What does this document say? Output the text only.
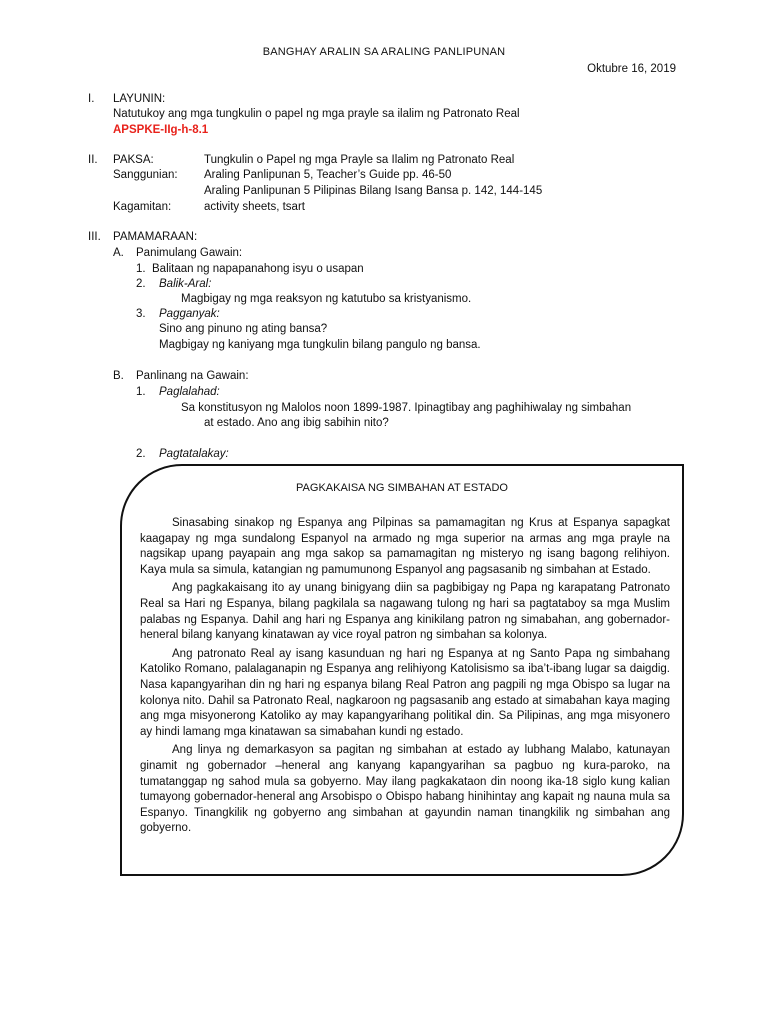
BANGHAY ARALIN SA ARALING PANLIPUNAN
Oktubre 16, 2019
I. LAYUNIN:
Natutukoy ang mga tungkulin o papel ng mga prayle sa ilalim ng Patronato Real
APSPKE-IIg-h-8.1
II. PAKSA:	Tungkulin o Papel ng mga Prayle sa Ilalim ng Patronato Real
Sanggunian: Araling Panlipunan 5, Teacher’s Guide pp. 46-50
Araling Panlipunan 5 Pilipinas Bilang Isang Bansa p. 142, 144-145
Kagamitan:	activity sheets, tsart
III. PAMAMARAAN:
A. Panimulang Gawain:
1. Balitaan ng napapanahong isyu o usapan
2. Balik-Aral:
Magbigay ng mga reaksyon ng katutubo sa kristyanismo.
3. Pagganyak:
Sino ang pinuno ng ating bansa?
Magbigay ng kaniyang mga tungkulin bilang pangulo ng bansa.
B. Panlinang na Gawain:
1. Paglalahad:
Sa konstitusyon ng Malolos noon 1899-1987. Ipinagtibay ang paghihiwalay ng simbahan
at estado. Ano ang ibig sabihin nito?
2. Pagtatalakay:
PAGKAKAISA NG SIMBAHAN AT ESTADO

Sinasabing sinakop ng Espanya ang Pilpinas sa pamamagitan ng Krus at Espanya sapagkat kaagapay ng mga sundalong Espanyol na armado ng mga superior na armas ang mga prayle na nagsikap upang payapain ang mga sakop sa pamamagitan ng misteryo ng isang bagong relihiyon. Kaya mula sa simula, katangian ng pamumunong Espanyol ang pagsasanib ng simbahan at Estado.

Ang pagkakaisang ito ay unang binigyang diin sa pagbibigay ng Papa ng karapatang Patronato Real sa Hari ng Espanya, bilang pagkilala sa nagawang tulong ng hari sa pagtataboy sa mga Muslim palabas ng Espanya. Dahil ang hari ng Espanya ang kinikilang patron ng simabahan, ang gobernador-heneral bilang kanyang kinatawan ay vice royal patron ng simbahan sa kolonya.

Ang patronato Real ay isang kasunduan ng hari ng Espanya at ng Santo Papa ng simbahang Katoliko Romano, palalaganapin ng Espanya ang relihiyong Katolisismo sa iba’t-ibang lugar sa daigdig. Nasa kapangyarihan din ng hari ng espanya bilang Real Patron ang pagpili ng mga Obispo sa lugar na kolonya nito. Dahil sa Patronato Real, nagkaroon ng pagsasanib ang estado at simabahan kaya maging ang mga misyonerong Katoliko ay may kapangyarihang politikal din. Sa Pilipinas, ang mga misyonero ay hindi lamang mga kinatawan sa simabahan kundi ng estado.

Ang linya ng demarkasyon sa pagitan ng simbahan at estado ay lubhang Malabo, katunayan ginamit ng gobernador –heneral ang kanyang kapangyarihan sa pagbuo ng kura-paroko, na tumatanggap ng sahod mula sa gobyerno. May ilang pagkakataon din noong ika-18 siglo kung kalian tumayong gobernador-heneral ang Arsobispo o Obispo habang hinihintay ang kapait ng nauna mula sa Espanyo. Tinangkilik ng gobyerno ang simbahan at gayundin naman tinangkilik ng simbahan ang gobyerno.
